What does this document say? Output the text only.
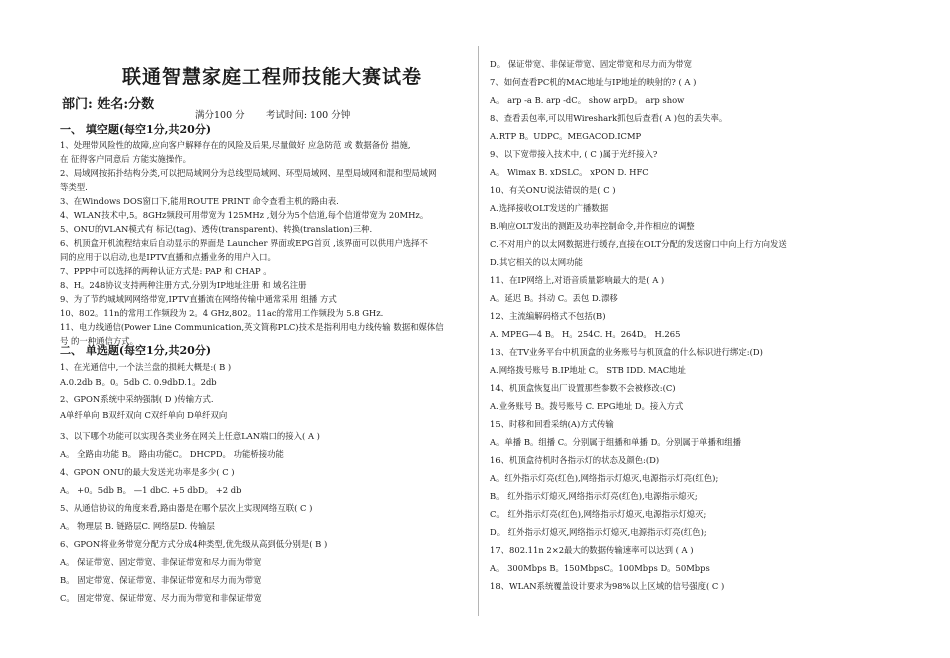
联通智慧家庭工程师技能大赛试卷
部门: 姓名:分数
满分100 分 考试时间: 100 分钟
一、 填空题(每空1分,共20分)
1、处理带风险性的故障,应向客户解释存在的风险及后果,尽量做好 应急防范 或 数据备份 措施,
在 征得客户同意后 方能实施操作。
2、局域网按拓扑结构分类,可以把局域网分为总线型局域网、环型局域网、星型局域网和混和型局域网
等类型.
3、在Windows DOS窗口下,能用ROUTE PRINT 命令查看主机的路由表.
4、WLAN技术中,5。8GHz频段可用带宽为 125MHz ,划分为5个信道,每个信道带宽为 20MHz。
5、ONU的VLAN模式有 标记(tag)、透传(transparent)、转换(translation)三种.
6、机顶盒开机流程结束后自动显示的界面是 Launcher 界面或EPG首页 ,该界面可以供用户选择不
同的应用于以启动,也是IPTV直播和点播业务的用户入口。
7、PPP中可以选择的两种认证方式是: PAP 和 CHAP 。
8、H。248协议支持两种注册方式,分别为IP地址注册 和 域名注册
9、为了节约城域网网络带宽,IPTV直播流在网络传输中通常采用 组播 方式
10、802。11n的常用工作频段为 2。4 GHz,802。11ac的常用工作频段为 5.8 GHz.
11、电力线通信(Power Line Communication,英文简称PLC)技术是指利用电力线传输 数据和媒体信
号 的一种通信方式。
二、 单选题(每空1分,共20分)
1、在光通信中,一个法兰盘的损耗大概是:( B )
A.0.2db B。0。5db C. 0.9dbD.1。2db
2、GPON系统中采纳强制( D )传输方式.
A单纤单向 B双纤双向 C双纤单向 D单纤双向
3、以下哪个功能可以实现各类业务在网关上任意LAN端口的接入( A )
A。 全路由功能 B。 路由功能C。 DHCPD。 功能桥接功能
4、GPON ONU的最大发送光功率是多少( C )
A。 +0。5db B。 —1 dbC. +5 dbD。 +2 db
5、从通信协议的角度来看,路由器是在哪个层次上实现网络互联( C )
A。 物理层 B. 链路层C. 网络层D. 传输层
6、GPON将业务带宽分配方式分成4种类型,优先级从高到低分别是( B )
A。 保证带宽、固定带宽、非保证带宽和尽力而为带宽
B。 固定带宽、保证带宽、非保证带宽和尽力而为带宽
C。 固定带宽、保证带宽、尽力而为带宽和非保证带宽
D。 保证带宽、非保证带宽、固定带宽和尽力而为带宽
7、如何查看PC机的MAC地址与IP地址的映射的? ( A )
A。 arp -a B. arp -dC。 show arpD。 arp show
8、查看丢包率,可以用Wireshark抓包后查看( A )包的丢失率。
A.RTP B。UDPC。MEGACOD.ICMP
9、以下宽带接入技术中, ( C )属于光纤接入?
A。 Wimax B. xDSLC。 xPON D. HFC
10、有关ONU说法错误的是( C )
A.选择接收OLT发送的广播数据
B.响应OLT发出的测距及功率控制命令,并作相应的调整
C.不对用户的以太网数据进行缓存,直接在OLT分配的发送窗口中向上行方向发送
D.其它相关的以太网功能
11、在IP网络上,对语音质量影响最大的是( A )
A。延迟 B。抖动 C。丢包 D.漂移
12、主流编解码格式不包括(B)
A. MPEG—4 B。 H。254C. H。264D。 H.265
13、在TV业务平台中机顶盒的业务账号与机顶盒的什么标识进行绑定:(D)
A.网络拨号账号 B.IP地址 C。 STB IDD. MAC地址
14、机顶盒恢复出厂设置那些参数不会被修改:(C)
A.业务账号 B。拨号账号 C. EPG地址 D。接入方式
15、时移和回看采纳(A)方式传输
A。单播 B。组播 C。分别属于组播和单播 D。分别属于单播和组播
16、机顶盒待机时各指示灯的状态及颜色:(D)
A。红外指示灯亮(红色),网络指示灯熄灭,电源指示灯亮(红色);
B。 红外指示灯熄灭,网络指示灯亮(红色),电源指示熄灭;
C。 红外指示灯亮(红色),网络指示灯熄灭,电源指示灯熄灭;
D。 红外指示灯熄灭,网络指示灯熄灭,电源指示灯亮(红色);
17、802.11n 2×2最大的数据传输速率可以达到 ( A )
A。 300Mbps B。150MbpsC。100Mbps D。50Mbps
18、WLAN系统覆盖设计要求为98%以上区域的信号强度( C )
